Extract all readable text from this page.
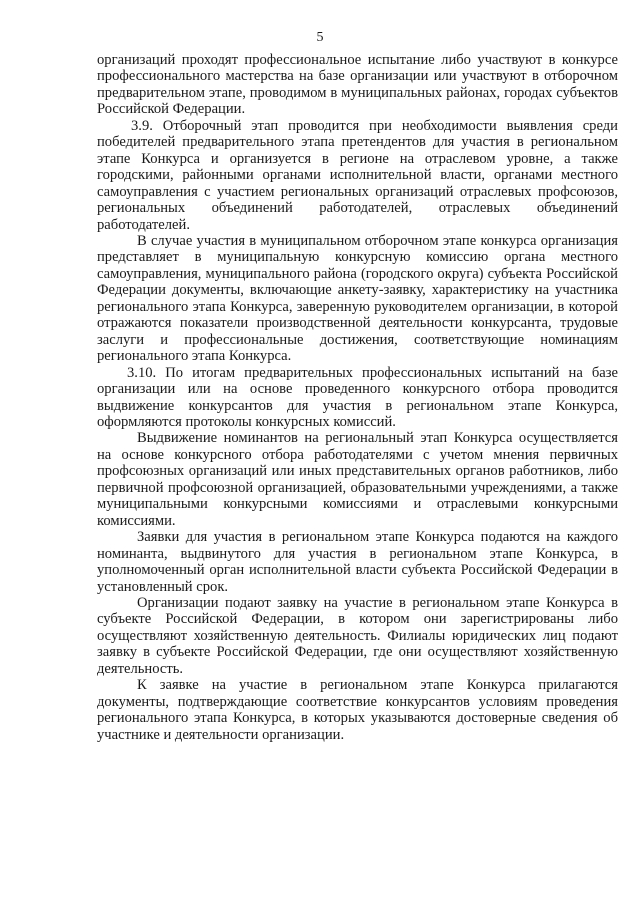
5

организаций проходят профессиональное испытание либо участвуют в конкурсе профессионального мастерства на базе организации или участвуют в отборочном предварительном этапе, проводимом в муниципальных районах, городах субъектов Российской Федерации.

3.9. Отборочный этап проводится при необходимости выявления среди победителей предварительного этапа претендентов для участия в региональном этапе Конкурса и организуется в регионе на отраслевом уровне, а также городскими, районными органами исполнительной власти, органами местного самоуправления с участием региональных организаций отраслевых профсоюзов, региональных объединений работодателей, отраслевых объединений работодателей.

В случае участия в муниципальном отборочном этапе конкурса организация представляет в муниципальную конкурсную комиссию органа местного самоуправления, муниципального района (городского округа) субъекта Российской Федерации документы, включающие анкету-заявку, характеристику на участника регионального этапа Конкурса, заверенную руководителем организации, в которой отражаются показатели производственной деятельности конкурсанта, трудовые заслуги и профессиональные достижения, соответствующие номинациям регионального этапа Конкурса.

3.10. По итогам предварительных профессиональных испытаний на базе организации или на основе проведенного конкурсного отбора проводится выдвижение конкурсантов для участия в региональном этапе Конкурса, оформляются протоколы конкурсных комиссий.

Выдвижение номинантов на региональный этап Конкурса осуществляется на основе конкурсного отбора работодателями с учетом мнения первичных профсоюзных организаций или иных представительных органов работников, либо первичной профсоюзной организацией, образовательными учреждениями, а также муниципальными конкурсными комиссиями и отраслевыми конкурсными комиссиями.

Заявки для участия в региональном этапе Конкурса подаются на каждого номинанта, выдвинутого для участия в региональном этапе Конкурса, в уполномоченный орган исполнительной власти субъекта Российской Федерации в установленный срок.

Организации подают заявку на участие в региональном этапе Конкурса в субъекте Российской Федерации, в котором они зарегистрированы либо осуществляют хозяйственную деятельность. Филиалы юридических лиц подают заявку в субъекте Российской Федерации, где они осуществляют хозяйственную деятельность.

К заявке на участие в региональном этапе Конкурса прилагаются документы, подтверждающие соответствие конкурсантов условиям проведения регионального этапа Конкурса, в которых указываются достоверные сведения об участнике и деятельности организации.
